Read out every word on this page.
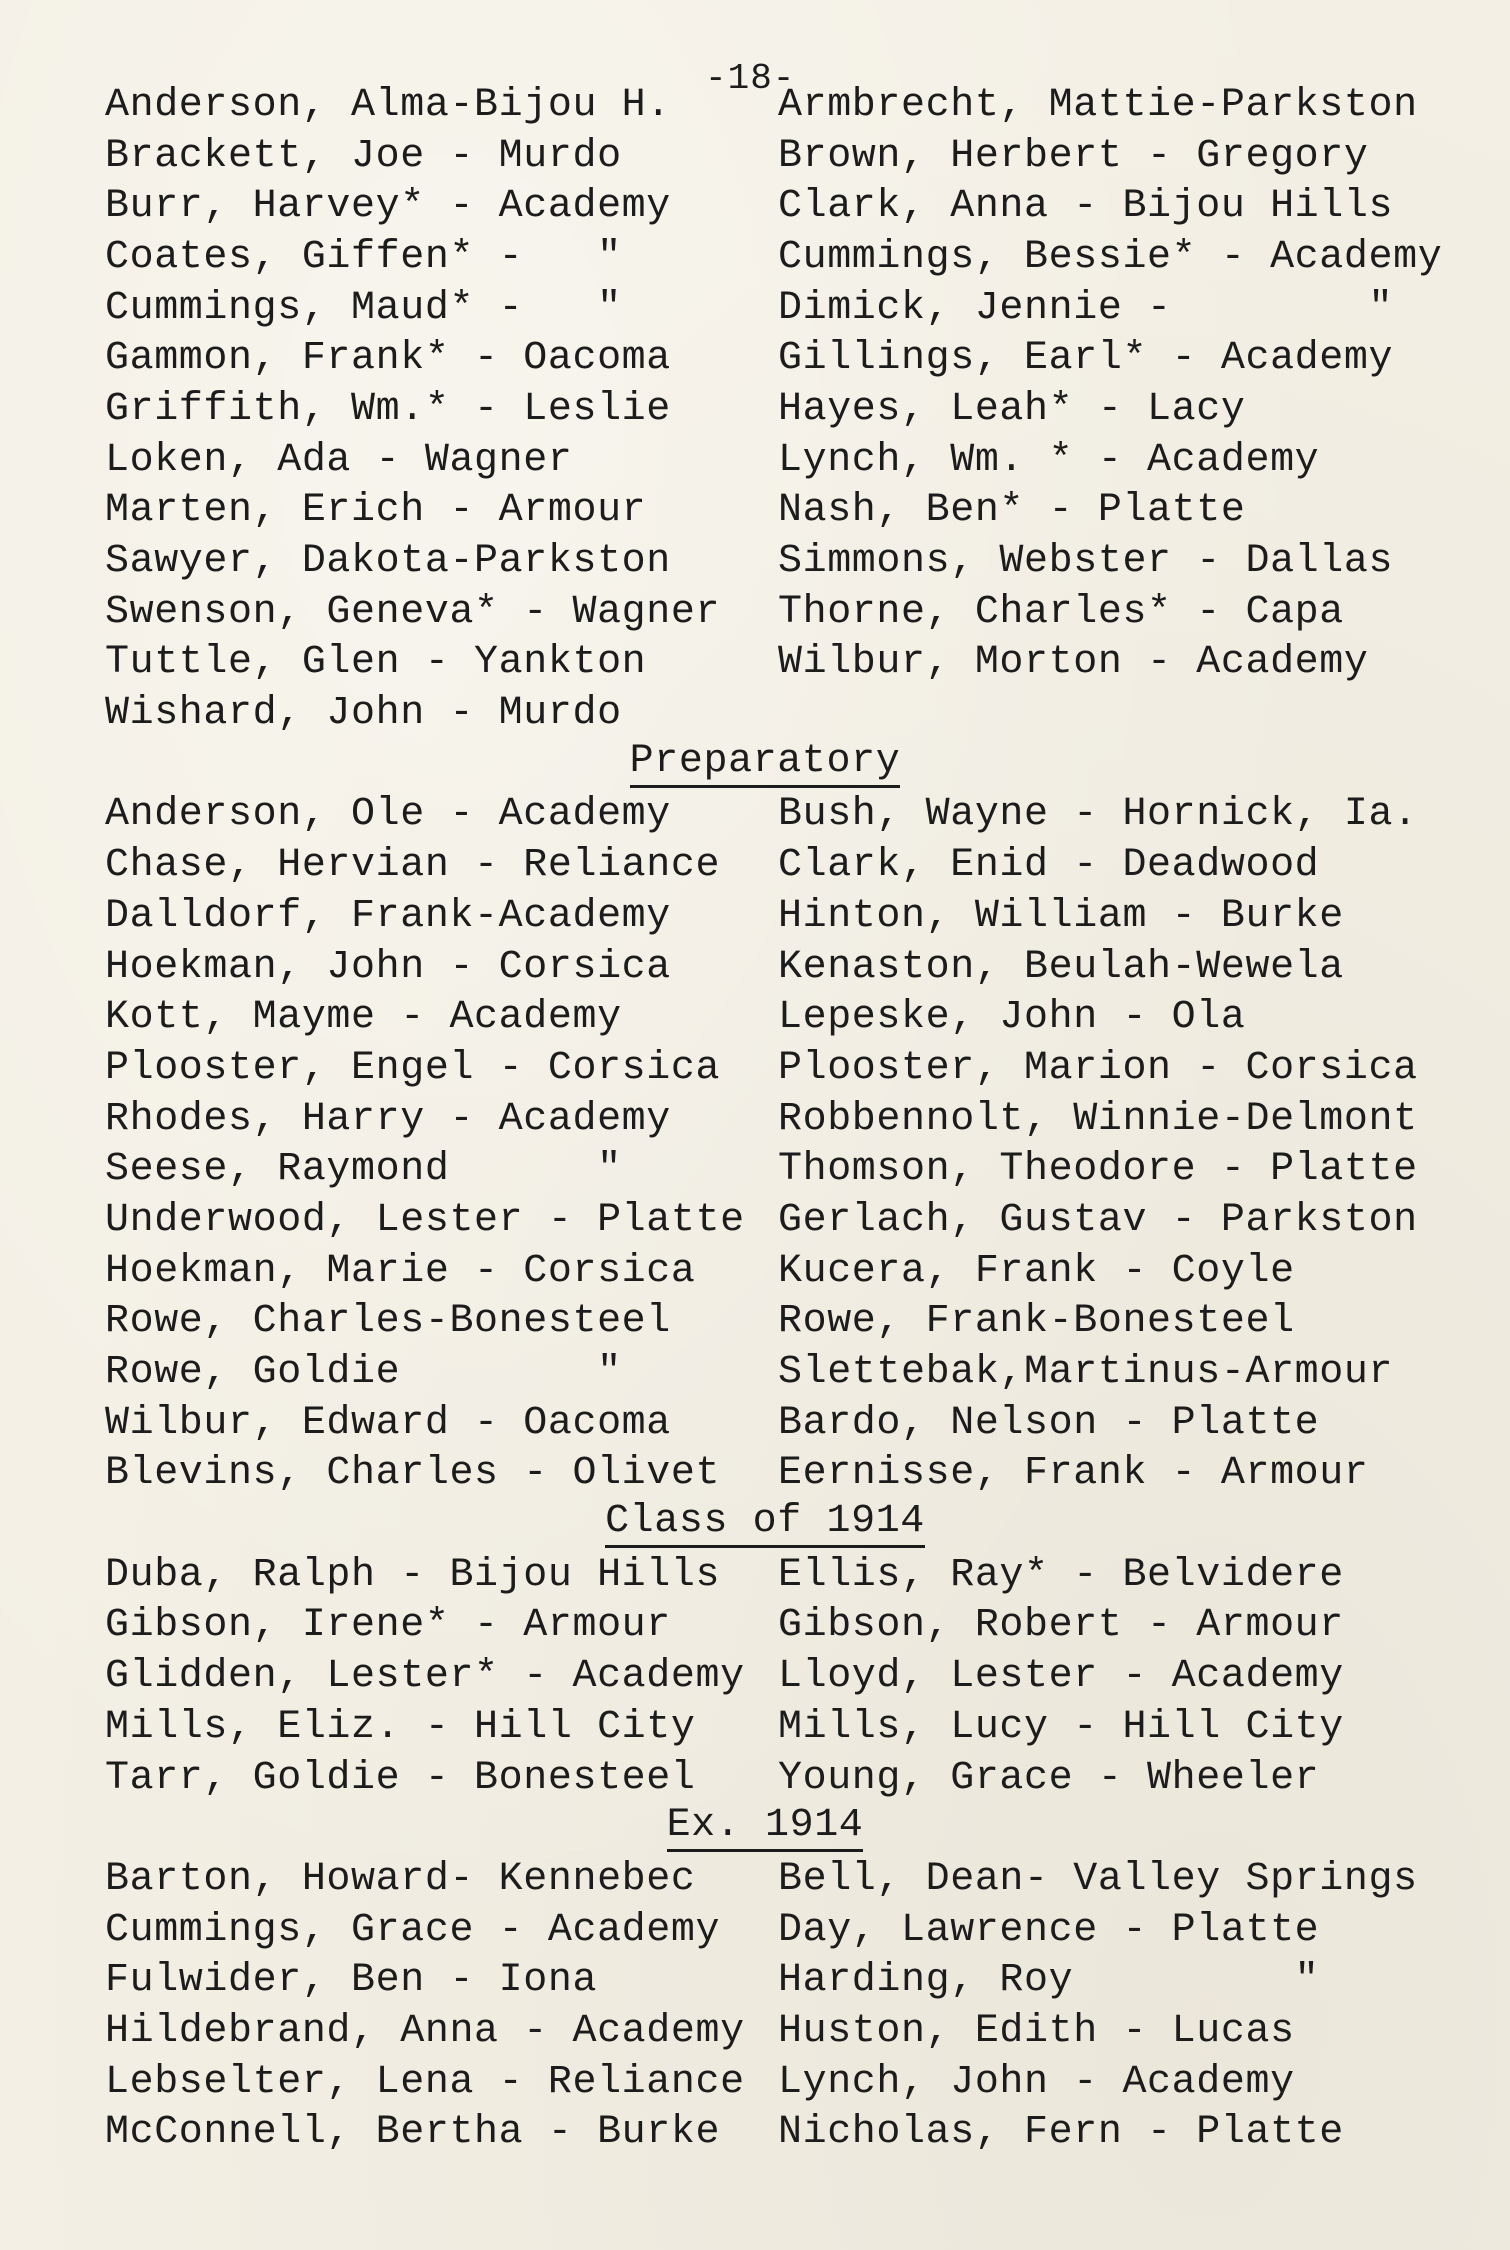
-18-
Anderson, Alma-Bijou H.	Armbrecht, Mattie-Parkston
Brackett, Joe - Murdo	Brown, Herbert - Gregory
Burr, Harvey* - Academy	Clark, Anna - Bijou Hills
Coates, Giffen* -   "	Cummings, Bessie* - Academy
Cummings, Maud* -   "	Dimick, Jennie -        "
Gammon, Frank* - Oacoma	Gillings, Earl* - Academy
Griffith, Wm.* - Leslie	Hayes, Leah* - Lacy
Loken, Ada - Wagner	Lynch, Wm. * - Academy
Marten, Erich - Armour	Nash, Ben* - Platte
Sawyer, Dakota-Parkston	Simmons, Webster - Dallas
Swenson, Geneva* - Wagner	Thorne, Charles* - Capa
Tuttle, Glen - Yankton	Wilbur, Morton - Academy
Wishard, John - Murdo
Preparatory
Anderson, Ole - Academy	Bush, Wayne - Hornick, Ia.
Chase, Hervian - Reliance	Clark, Enid - Deadwood
Dalldorf, Frank-Academy	Hinton, William - Burke
Hoekman, John - Corsica	Kenaston, Beulah-Wewela
Kott, Mayme - Academy	Lepeske, John - Ola
Plooster, Engel - Corsica	Plooster, Marion - Corsica
Rhodes, Harry - Academy	Robbennolt, Winnie-Delmont
Seese, Raymond      "	Thomson, Theodore - Platte
Underwood, Lester - Platte Gerlach, Gustav - Parkston
Hoekman, Marie - Corsica	Kucera, Frank - Coyle
Rowe, Charles-Bonesteel	Rowe, Frank-Bonesteel
Rowe, Goldie        "	Slettebak,Martinus-Armour
Wilbur, Edward - Oacoma	Bardo, Nelson - Platte
Blevins, Charles - Olivet	Eernisse, Frank - Armour
Class of 1914
Duba, Ralph - Bijou Hills	Ellis, Ray* - Belvidere
Gibson, Irene* - Armour	Gibson, Robert - Armour
Glidden, Lester* - Academy Lloyd, Lester - Academy
Mills, Eliz. - Hill City	Mills, Lucy - Hill City
Tarr, Goldie - Bonesteel	Young, Grace - Wheeler
Ex. 1914
Barton, Howard- Kennebec	Bell, Dean- Valley Springs
Cummings, Grace - Academy	Day, Lawrence - Platte
Fulwider, Ben - Iona	Harding, Roy         "
Hildebrand, Anna - Academy Huston, Edith - Lucas
Lebselter, Lena - Reliance Lynch, John - Academy
McConnell, Bertha - Burke	Nicholas, Fern - Platte
